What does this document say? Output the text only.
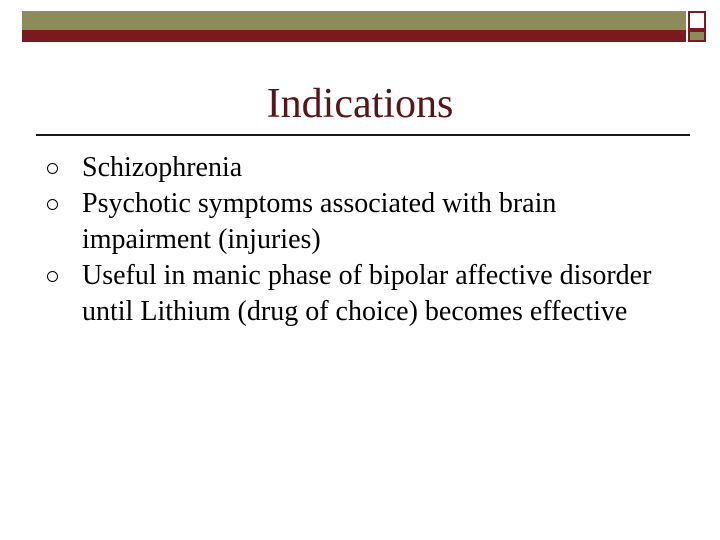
Indications
Schizophrenia
Psychotic symptoms associated with brain impairment (injuries)
Useful in manic phase of bipolar affective disorder until Lithium (drug of choice) becomes effective
